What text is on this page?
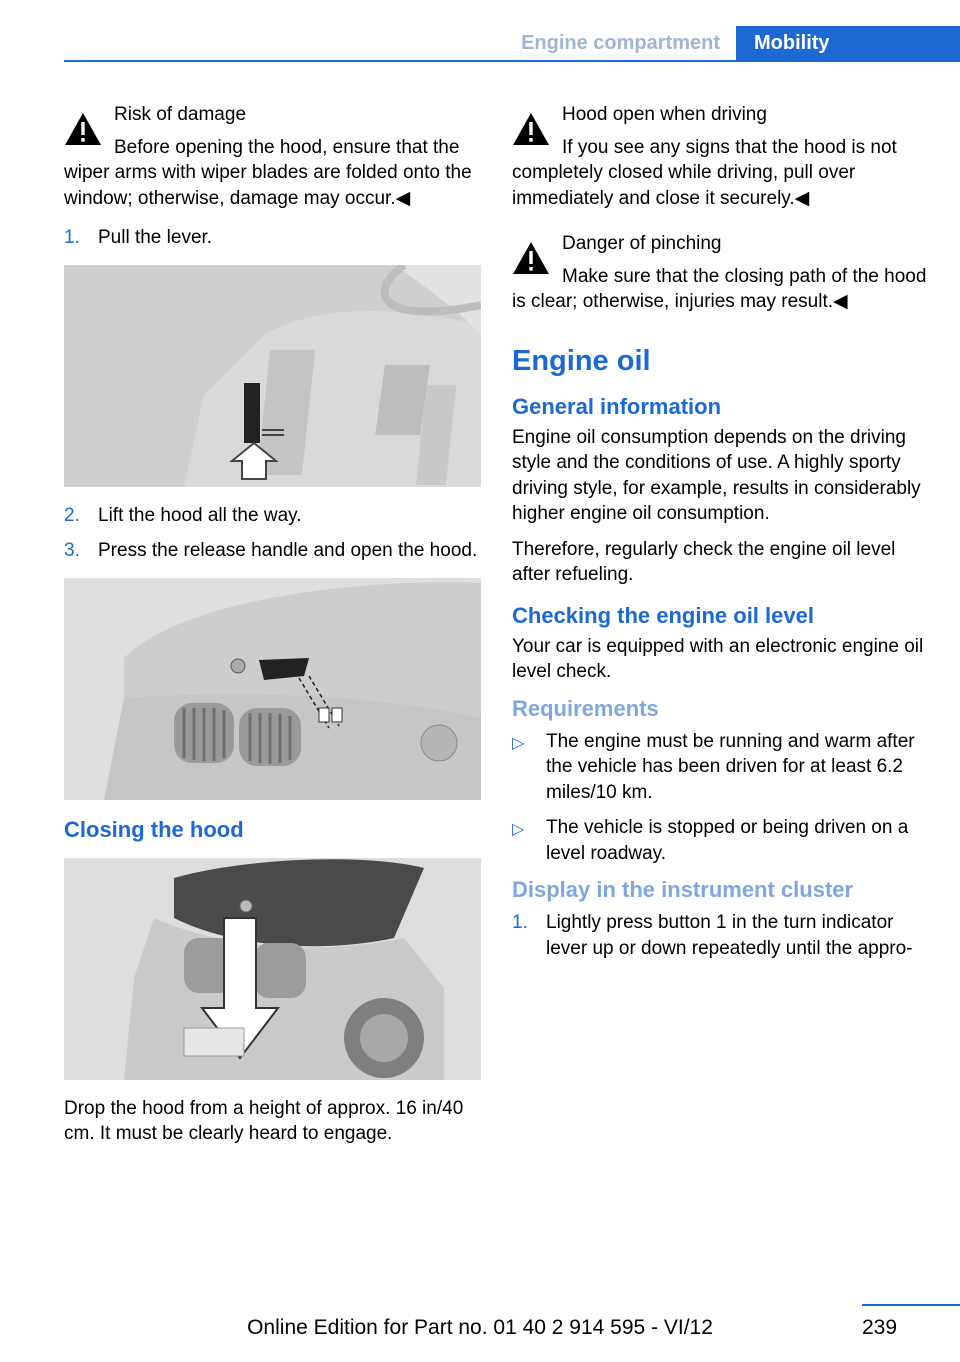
Engine compartment	Mobility
Risk of damage

Before opening the hood, ensure that the wiper arms with wiper blades are folded onto the window; otherwise, damage may occur.◀

1. Pull the lever.
2. Lift the hood all the way.
3. Press the release handle and open the hood.
Closing the hood

Drop the hood from a height of approx. 16 in/40 cm. It must be clearly heard to engage.

Hood open when driving

If you see any signs that the hood is not completely closed while driving, pull over immediately and close it securely.◀

Danger of pinching

Make sure that the closing path of the hood is clear; otherwise, injuries may result.◀

Engine oil
General information

Engine oil consumption depends on the driving style and the conditions of use. A highly sporty driving style, for example, results in considerably higher engine oil consumption.

Therefore, regularly check the engine oil level after refueling.

Checking the engine oil level

Your car is equipped with an electronic engine oil level check.

Requirements
▷	The engine must be running and warm after the vehicle has been driven for at least 6.2 miles/10 km.
▷	The vehicle is stopped or being driven on a level roadway.
Display in the instrument cluster
1. Lightly press button 1 in the turn indicator lever up or down repeatedly until the appro-
Online Edition for Part no. 01 40 2 914 595 - VI/12	239
